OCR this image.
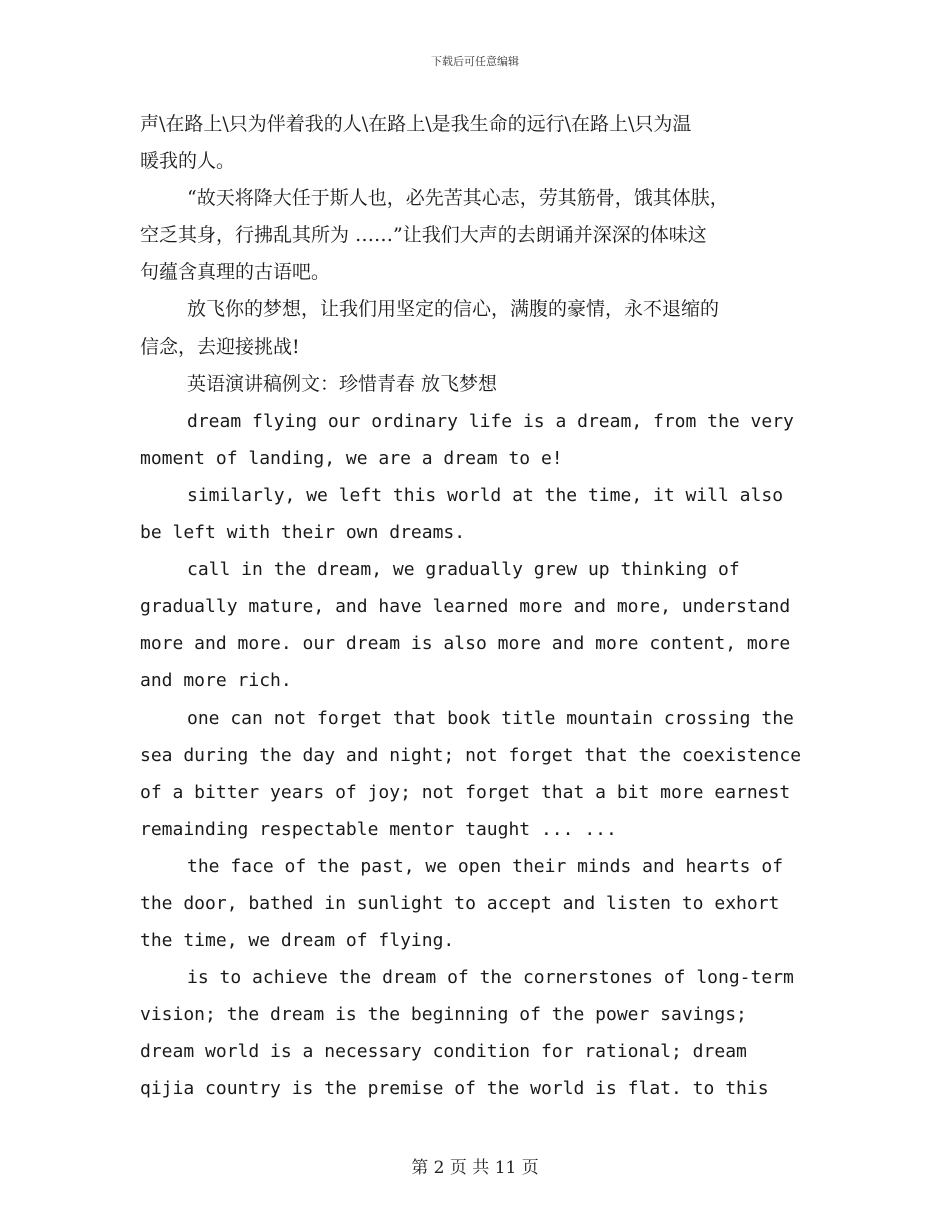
下载后可任意编辑

声\在路上\只为伴着我的人\在路上\是我生命的远行\在路上\只为温

暖我的人。

“故天将降大任于斯人也，必先苦其心志，劳其筋骨，饿其体肤，

空乏其身，行拂乱其所为 ……”让我们大声的去朗诵并深深的体味这

句蕴含真理的古语吧。

放飞你的梦想，让我们用坚定的信心，满腹的豪情，永不退缩的

信念，去迎接挑战!

英语演讲稿例文：珍惜青春 放飞梦想

dream flying our ordinary life is a dream, from the very

moment of landing, we are a dream to e!

similarly, we left this world at the time, it will also

be left with their own dreams.

call in the dream, we gradually grew up thinking of

gradually mature, and have learned more and more, understand

more and more. our dream is also more and more content, more

and more rich.

one can not forget that book title mountain crossing the

sea during the day and night; not forget that the coexistence

of a bitter years of joy; not forget that a bit more earnest

remainding respectable mentor taught ... ...

the face of the past, we open their minds and hearts of

the door, bathed in sunlight to accept and listen to exhort

the time, we dream of flying.

is to achieve the dream of the cornerstones of long-term

vision; the dream is the beginning of the power savings;

dream world is a necessary condition for rational; dream

qijia country is the premise of the world is flat. to this

第 2 页 共 11 页
